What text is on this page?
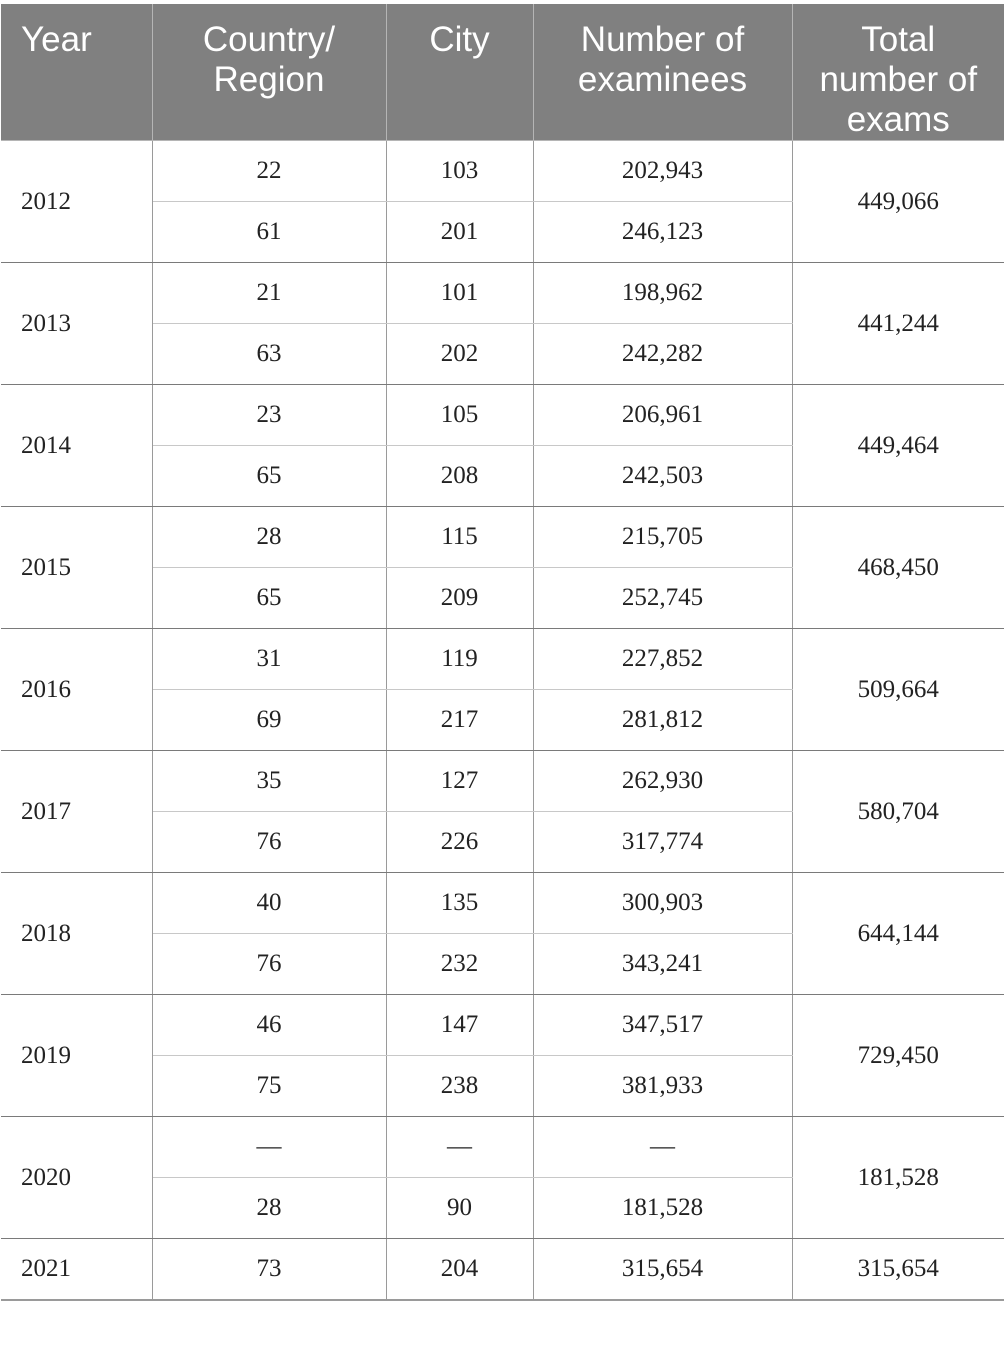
Year	Country/ Region	City	Number of examinees	Total number of exams
2012	22	103	202,943	449,066
	61	201	246,123	
2013	21	101	198,962	441,244
	63	202	242,282	
2014	23	105	206,961	449,464
	65	208	242,503	
2015	28	115	215,705	468,450
	65	209	252,745	
2016	31	119	227,852	509,664
	69	217	281,812	
2017	35	127	262,930	580,704
	76	226	317,774	
2018	40	135	300,903	644,144
	76	232	343,241	
2019	46	147	347,517	729,450
	75	238	381,933	
2020	—	—	—	181,528
	28	90	181,528	
2021	73	204	315,654	315,654
